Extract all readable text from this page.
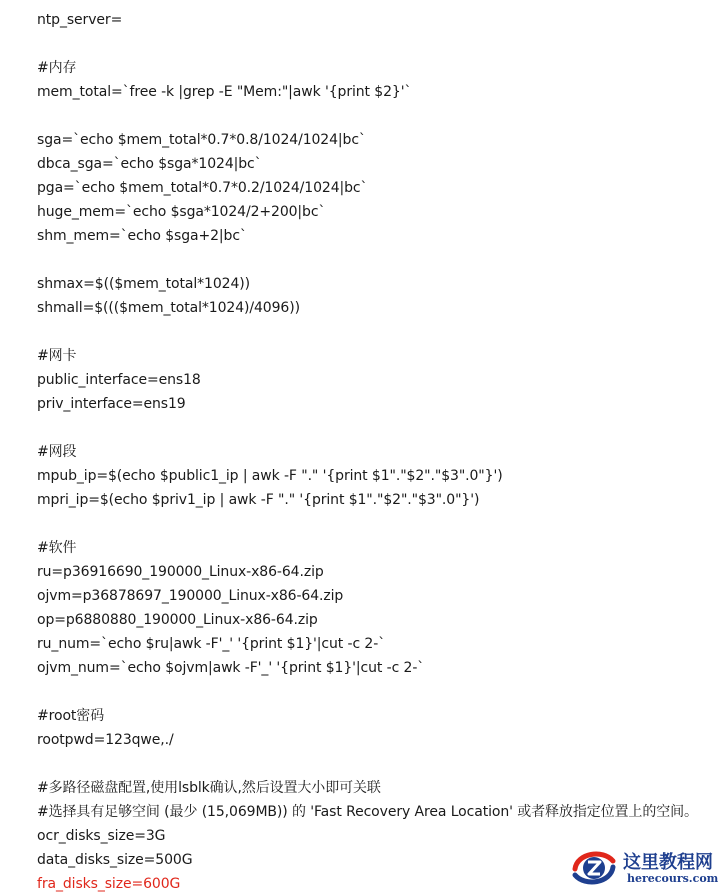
ntp_server=
#内存
mem_total=`free -k |grep -E "Mem:"|awk '{print $2}'`
sga=`echo $mem_total*0.7*0.8/1024/1024|bc`
dbca_sga=`echo $sga*1024|bc`
pga=`echo $mem_total*0.7*0.2/1024/1024|bc`
huge_mem=`echo $sga*1024/2+200|bc`
shm_mem=`echo $sga+2|bc`
shmax=$(($mem_total*1024))
shmall=$((($mem_total*1024)/4096))
#网卡
public_interface=ens18
priv_interface=ens19
#网段
mpub_ip=$(echo $public1_ip | awk -F "." '{print $1"."$2"."$3".0"}')
mpri_ip=$(echo $priv1_ip | awk -F "." '{print $1"."$2"."$3".0"}')
#软件
ru=p36916690_190000_Linux-x86-64.zip
ojvm=p36878697_190000_Linux-x86-64.zip
op=p6880880_190000_Linux-x86-64.zip
ru_num=`echo $ru|awk -F'_' '{print $1}'|cut -c 2-`
ojvm_num=`echo $ojvm|awk -F'_' '{print $1}'|cut -c 2-`
#root密码
rootpwd=123qwe,./
#多路径磁盘配置,使用lsblk确认,然后设置大小即可关联
#选择具有足够空间 (最少 (15,069MB)) 的 'Fast Recovery Area Location' 或者释放指定位置上的空间。
ocr_disks_size=3G
data_disks_size=500G
fra_disks_size=600G
这里教程网
herecours.com
